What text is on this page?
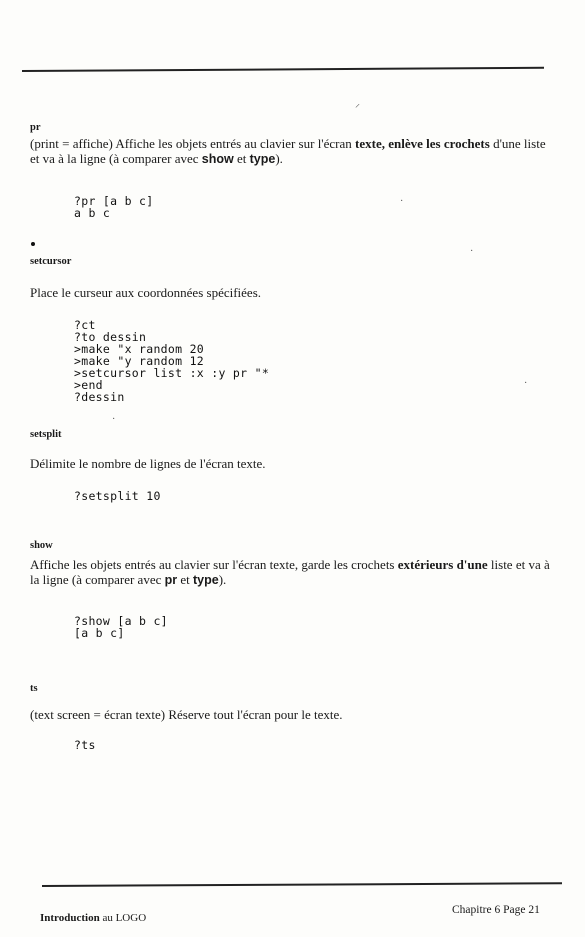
pr
(print = affiche) Affiche les objets entrés au clavier sur l'écran texte, enlève les crochets d'une liste et va à la ligne (à comparer avec show et type).
?pr [a b c]
a b c
setcursor
Place le curseur aux coordonnées spécifiées.
?ct
?to dessin
>make "x random 20
>make "y random 12
>setcursor list :x :y pr "*
>end
?dessin
setsplit
Délimite le nombre de lignes de l'écran texte.
?setsplit 10
show
Affiche les objets entrés au clavier sur l'écran texte, garde les crochets extérieurs d'une liste et va à la ligne (à comparer avec pr et type).
?show [a b c]
[a b c]
ts
(text screen = écran texte) Réserve tout l'écran pour le texte.
?ts
Introduction au LOGO
Chapitre 6 Page 21
⸍
·
·
·
·
